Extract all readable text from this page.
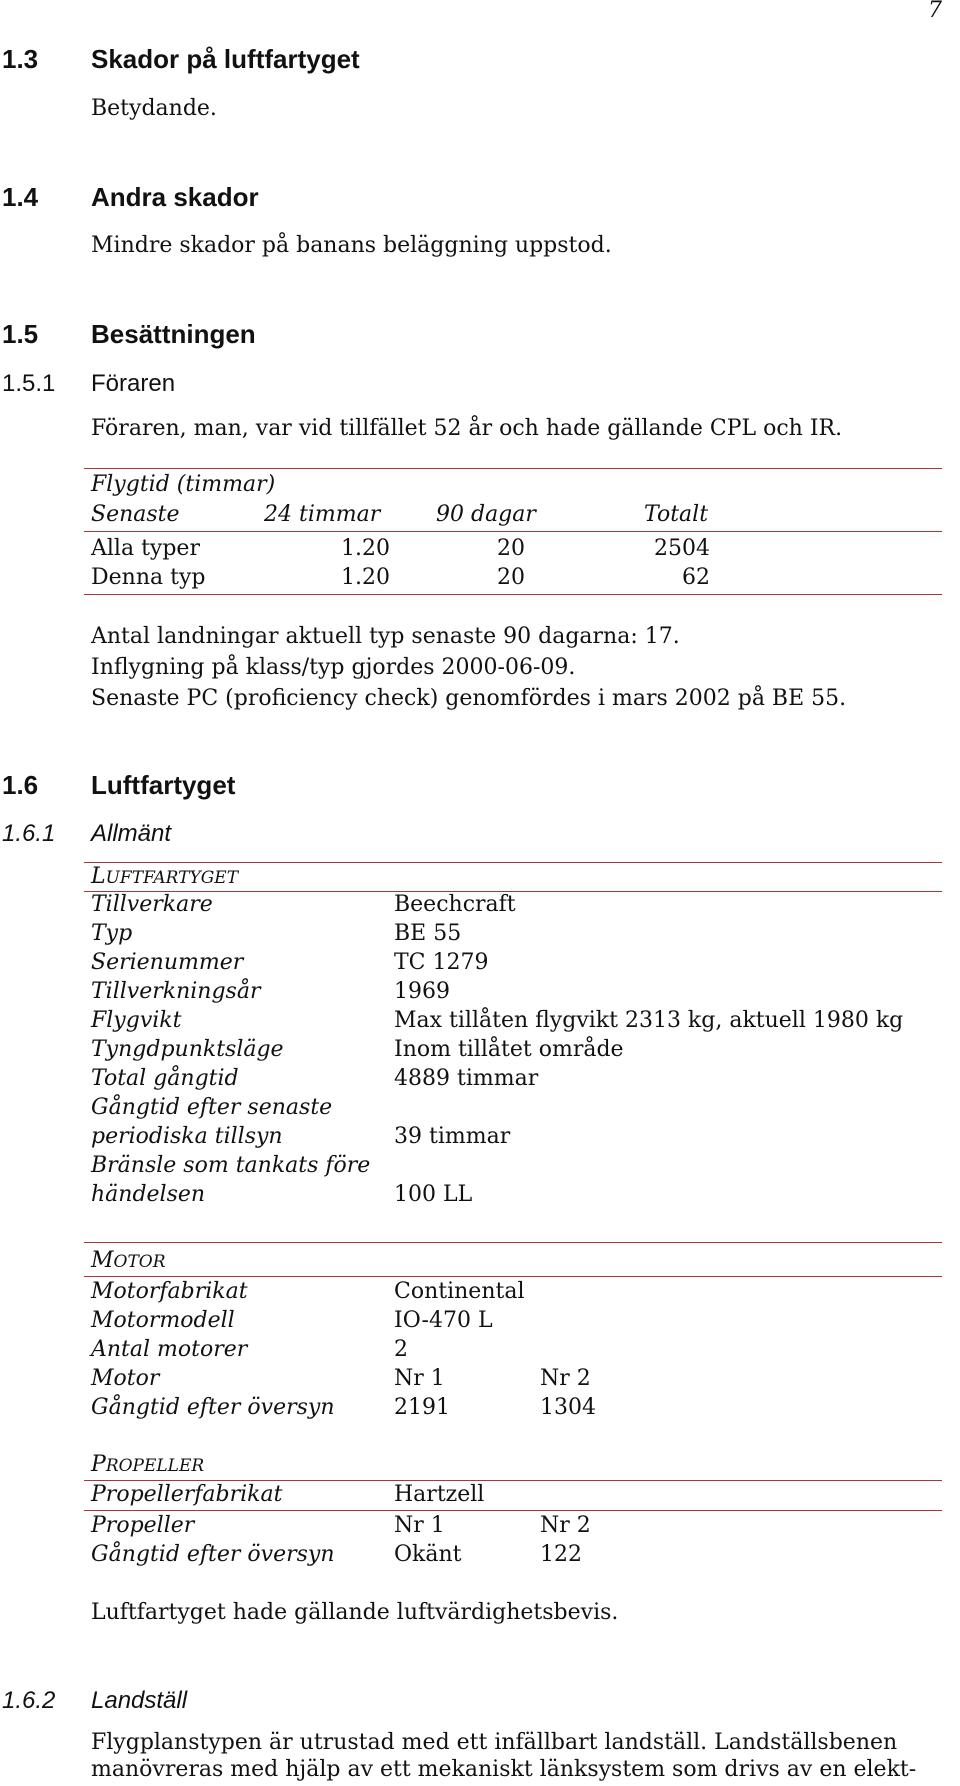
7
1.3 Skador på luftfartyget
Betydande.
1.4 Andra skador
Mindre skador på banans beläggning uppstod.
1.5 Besättningen
1.5.1 Föraren
Föraren, man, var vid tillfället 52 år och hade gällande CPL och IR.
Flygtid (timmar)
Senaste	24 timmar	90 dagar	Totalt
Alla typer	1.20	20	2504
Denna typ	1.20	20	62
Antal landningar aktuell typ senaste 90 dagarna: 17.
Inflygning på klass/typ gjordes 2000-06-09.
Senaste PC (proficiency check) genomfördes i mars 2002 på BE 55.
1.6 Luftfartyget
1.6.1 Allmänt
LUFTFARTYGET
Tillverkare	Beechcraft
Typ	BE 55
Serienummer	TC 1279
Tillverkningsår	1969
Flygvikt	Max tillåten flygvikt 2313 kg, aktuell 1980 kg
Tyngdpunktsläge	Inom tillåtet område
Total gångtid	4889 timmar
Gångtid efter senaste
periodiska tillsyn	39 timmar
Bränsle som tankats före
händelsen	100 LL
MOTOR
Motorfabrikat	Continental
Motormodell	IO-470 L
Antal motorer	2
Motor	Nr 1	Nr 2
Gångtid efter översyn	2191	1304
PROPELLER
Propellerfabrikat	Hartzell
Propeller	Nr 1	Nr 2
Gångtid efter översyn	Okänt	122
Luftfartyget hade gällande luftvärdighetsbevis.
1.6.2 Landställ
Flygplanstypen är utrustad med ett infällbart landställ. Landställsbenen
manövreras med hjälp av ett mekaniskt länksystem som drivs av en elekt-
